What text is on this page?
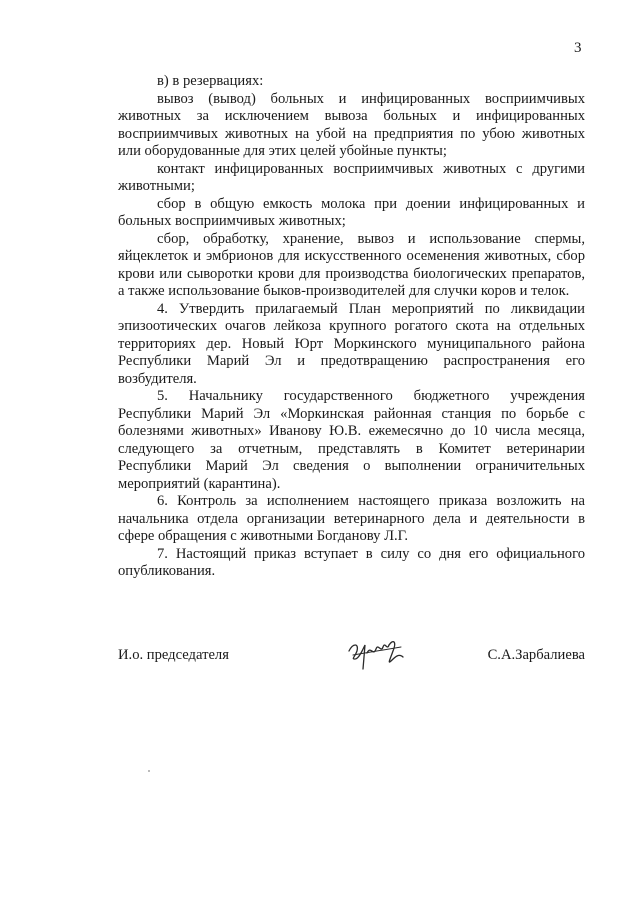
3

в) в резервациях:

вывоз (вывод) больных и инфицированных восприимчивых животных за исключением вывоза больных и инфицированных восприимчивых животных на убой на предприятия по убою животных или оборудованные для этих целей убойные пункты;

контакт инфицированных восприимчивых животных с другими животными;

сбор в общую емкость молока при доении инфицированных и больных восприимчивых животных;

сбор, обработку, хранение, вывоз и использование спермы, яйцеклеток и эмбрионов для искусственного осеменения животных, сбор крови или сыворотки крови для производства биологических препаратов, а также использование быков-производителей для случки коров и телок.

4. Утвердить прилагаемый План мероприятий по ликвидации эпизоотических очагов лейкоза крупного рогатого скота на отдельных территориях дер. Новый Юрт Моркинского муниципального района Республики Марий Эл и предотвращению распространения его возбудителя.

5. Начальнику государственного бюджетного учреждения Республики Марий Эл «Моркинская районная станция по борьбе с болезнями животных» Иванову Ю.В. ежемесячно до 10 числа месяца, следующего за отчетным, представлять в Комитет ветеринарии Республики Марий Эл сведения о выполнении ограничительных мероприятий (карантина).

6. Контроль за исполнением настоящего приказа возложить на начальника отдела организации ветеринарного дела и деятельности в сфере обращения с животными Богданову Л.Г.

7. Настоящий приказ вступает в силу со дня его официального опубликования.

И.о. председателя	С.А.Зарбалиева
